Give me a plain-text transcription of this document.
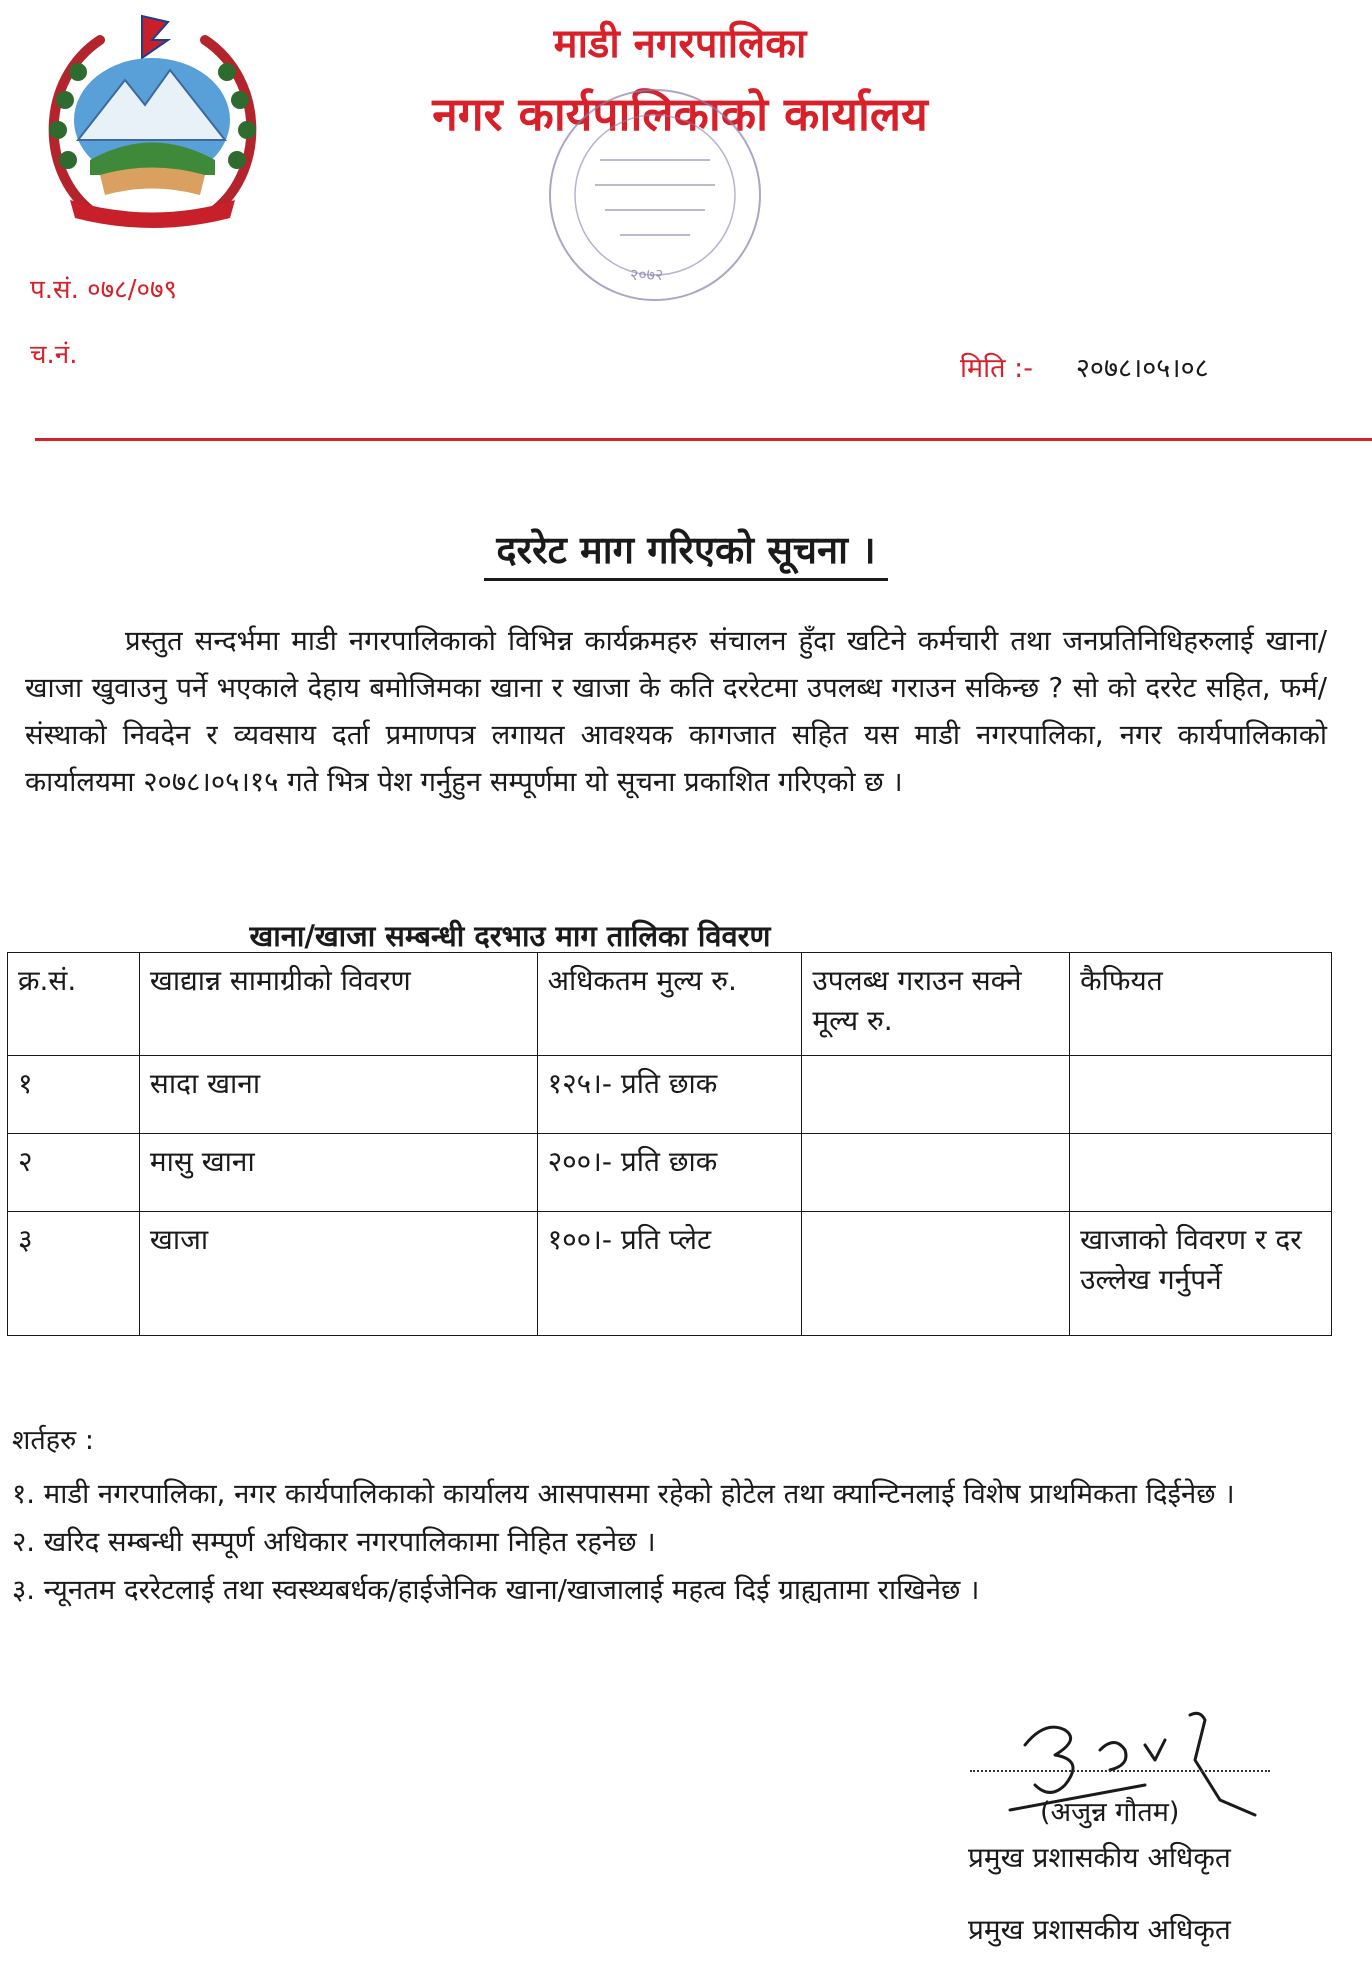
माडी नगरपालिका
नगर कार्यपालिकाको कार्यालय
२०७२
प.सं. ०७८/०७९
च.नं.	मिति :- २०७८।०५।०८
दररेट माग गरिएको सूचना ।
प्रस्तुत सन्दर्भमा माडी नगरपालिकाको विभिन्न कार्यक्रमहरु संचालन हुँदा खटिने कर्मचारी तथा जनप्रतिनिधिहरुलाई खाना/खाजा खुवाउनु पर्ने भएकाले देहाय बमोजिमका खाना र खाजा के कति दररेटमा उपलब्ध गराउन सकिन्छ ? सो को दररेट सहित, फर्म/संस्थाको निवदेन र व्यवसाय दर्ता प्रमाणपत्र लगायत आवश्यक कागजात सहित यस माडी नगरपालिका, नगर कार्यपालिकाको कार्यालयमा २०७८।०५।१५ गते भित्र पेश गर्नुहुन सम्पूर्णमा यो सूचना प्रकाशित गरिएको छ ।
खाना/खाजा सम्बन्धी दरभाउ माग तालिका विवरण
क्र.सं.	खाद्यान्न सामाग्रीको विवरण	अधिकतम मुल्य रु.	उपलब्ध गराउन सक्ने मूल्य रु.	कैफियत
१	सादा खाना	१२५।- प्रति छाक		
२	मासु खाना	२००।- प्रति छाक		
३	खाजा	१००।- प्रति प्लेट		खाजाको विवरण र दर उल्लेख गर्नुपर्ने
शर्तहरु :

१. माडी नगरपालिका, नगर कार्यपालिकाको कार्यालय आसपासमा रहेको होटेल तथा क्यान्टिनलाई विशेष प्राथमिकता दिईनेछ ।

२. खरिद सम्बन्धी सम्पूर्ण अधिकार नगरपालिकामा निहित रहनेछ ।

३. न्यूनतम दररेटलाई तथा स्वस्थ्यबर्धक/हाईजेनिक खाना/खाजालाई महत्व दिई ग्राह्यतामा राखिनेछ ।

(अजुन्न गौतम)
प्रमुख प्रशासकीय अधिकृत
प्रमुख प्रशासकीय अधिकृत
